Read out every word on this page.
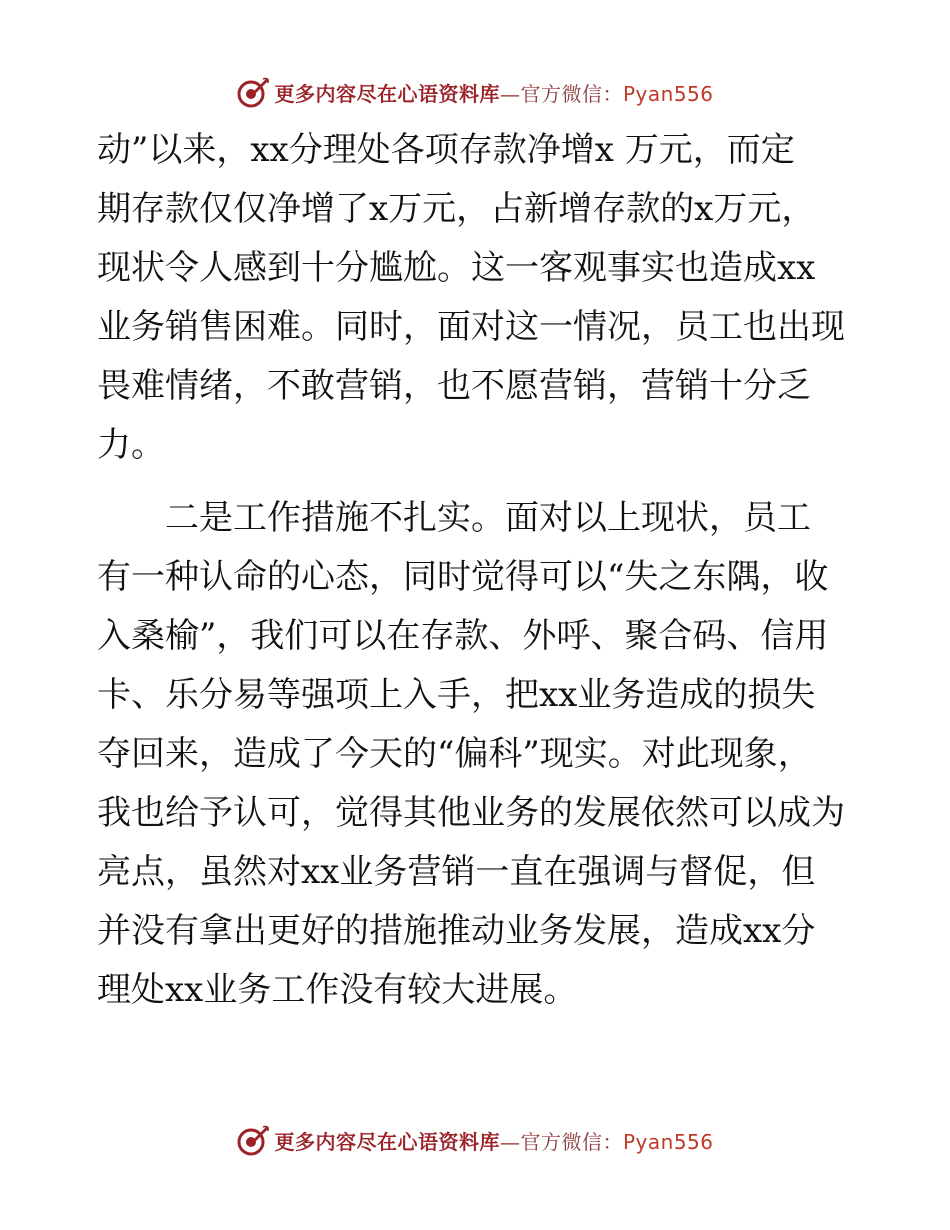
更多内容尽在心语资料库—官方微信：Pyan556

动”以来，xx分理处各项存款净增x 万元，而定
期存款仅仅净增了x万元，占新增存款的x万元，
现状令人感到十分尴尬。这一客观事实也造成xx
业务销售困难。同时，面对这一情况，员工也出现
畏难情绪，不敢营销，也不愿营销，营销十分乏
力。

二是工作措施不扎实。面对以上现状，员工
有一种认命的心态，同时觉得可以“失之东隅，收
入桑榆”，我们可以在存款、外呼、聚合码、信用
卡、乐分易等强项上入手，把xx业务造成的损失
夺回来，造成了今天的“偏科”现实。对此现象，
我也给予认可，觉得其他业务的发展依然可以成为
亮点，虽然对xx业务营销一直在强调与督促，但
并没有拿出更好的措施推动业务发展，造成xx分
理处xx业务工作没有较大进展。

更多内容尽在心语资料库—官方微信：Pyan556
